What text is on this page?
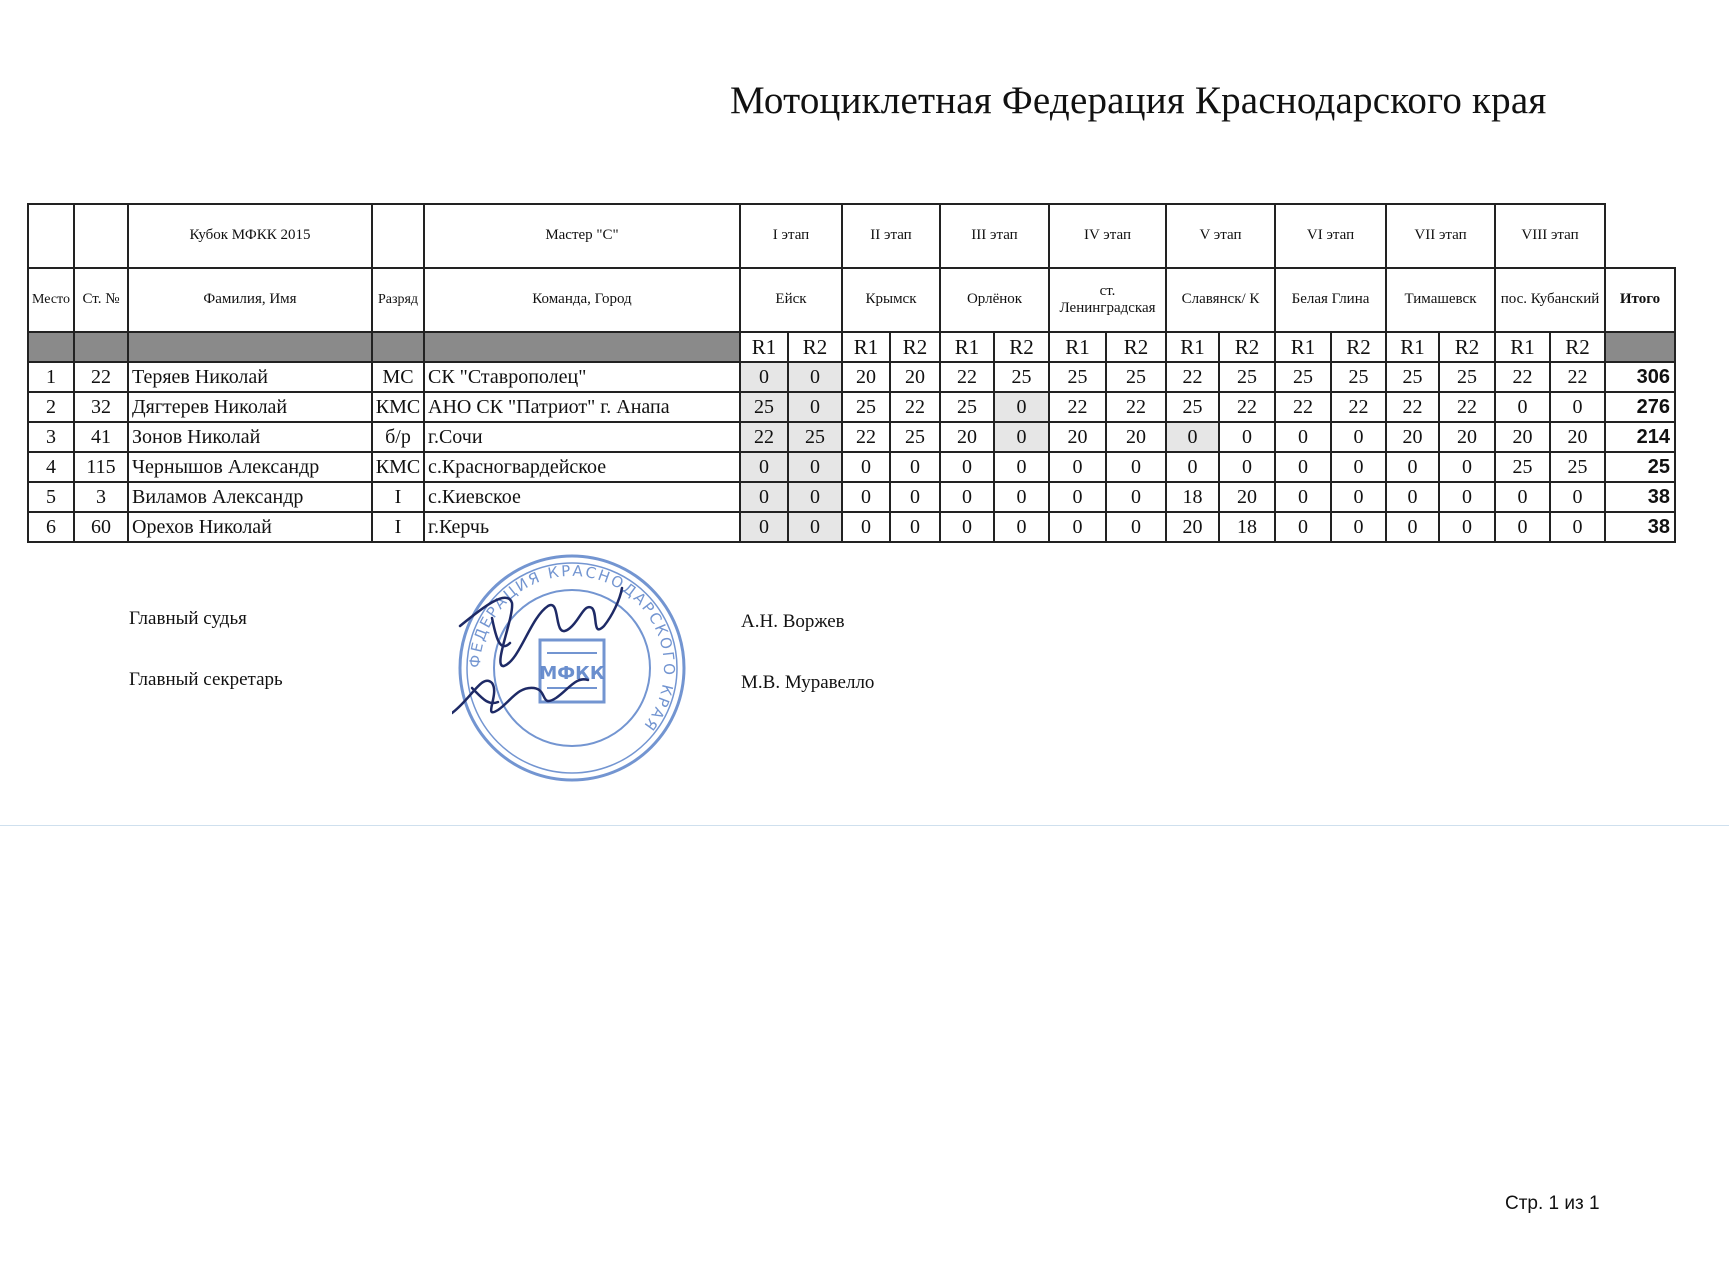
Мотоциклетная Федерация Краснодарского края
		Кубок МФКК 2015		Мастер "С"	I этап		II этап		III этап		IV этап		V этап		VI этап		VII этап		VIII этап		
Место	Ст. №	Фамилия, Имя	Разряд	Команда, Город	Ейск		Крымск		Орлёнок		ст. Ленинградская		Славянск/ К		Белая Глина		Тимашевск		пос. Кубанский		Итого
					R1	R2	R1	R2	R1	R2	R1	R2	R1	R2	R1	R2	R1	R2	R1	R2	
1	22	Теряев Николай	МС	СК "Ставрополец"	0	0	20	20	22	25	25	25	22	25	25	25	25	25	22	22	306
2	32	Дягтерев Николай	КМС	АНО СК "Патриот" г. Анапа	25	0	25	22	25	0	22	22	25	22	22	22	22	22	0	0	276
3	41	Зонов Николай	б/р	г.Сочи	22	25	22	25	20	0	20	20	0	0	0	0	20	20	20	20	214
4	115	Чернышов Александр	КМС	с.Красногвардейское	0	0	0	0	0	0	0	0	0	0	0	0	0	0	25	25	25
5	3	Виламов Александр	I	с.Киевское	0	0	0	0	0	0	0	0	18	20	0	0	0	0	0	0	38
6	60	Орехов Николай	I	г.Керчь	0	0	0	0	0	0	0	0	20	18	0	0	0	0	0	0	38
Главный судья	А.Н. Воржев
Главный секретарь	М.В. Муравелло
ФЕДЕРАЦИЯ КРАСНОДАРСКОГО КРАЯ
МФКК
Стр. 1 из 1
